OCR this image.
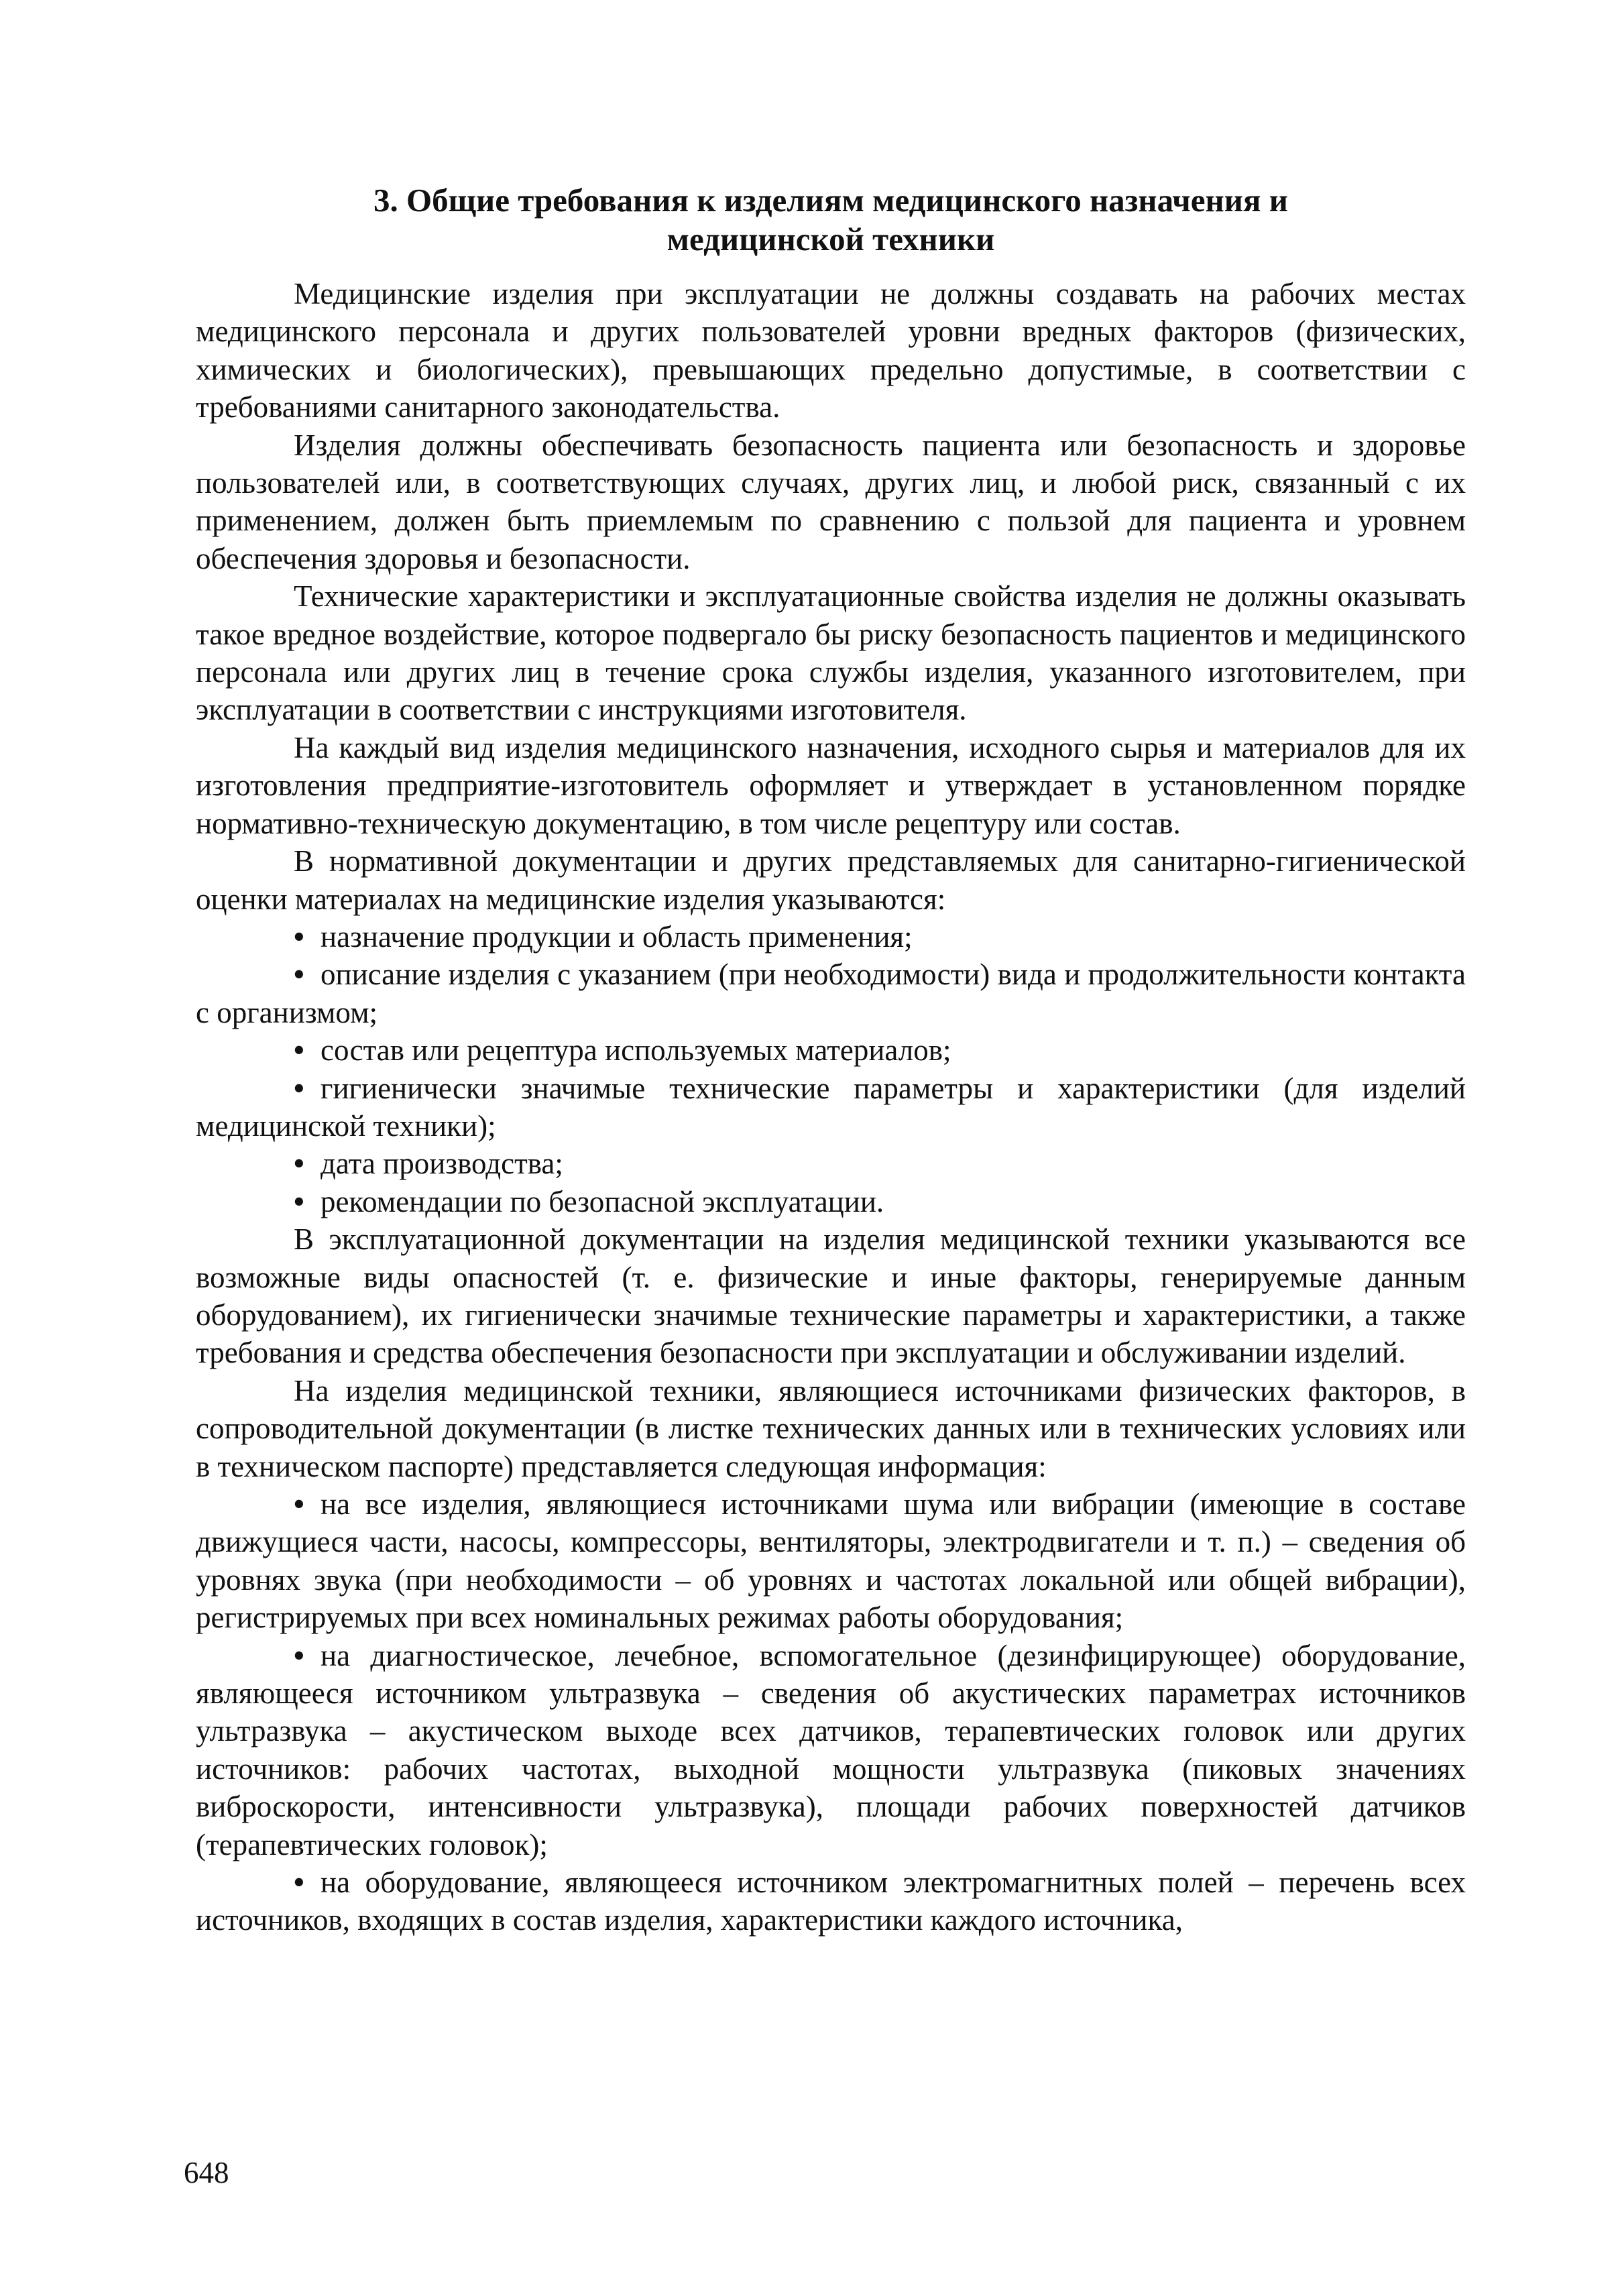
3. Общие требования к изделиям медицинского назначения и
медицинской техники

Медицинские изделия при эксплуатации не должны создавать на рабочих местах медицинского персонала и других пользователей уровни вредных факторов (физических, химических и биологических), превышающих предельно допустимые, в соответствии с требованиями санитарного законодательства.

Изделия должны обеспечивать безопасность пациента или безопасность и здоровье пользователей или, в соответствующих случаях, других лиц, и любой риск, связанный с их применением, должен быть приемлемым по сравнению с пользой для пациента и уровнем обеспечения здоровья и безопасности.

Технические характеристики и эксплуатационные свойства изделия не должны оказывать такое вредное воздействие, которое подвергало бы риску безопасность пациентов и медицинского персонала или других лиц в течение срока службы изделия, указанного изготовителем, при эксплуатации в соответствии с инструкциями изготовителя.

На каждый вид изделия медицинского назначения, исходного сырья и материалов для их изготовления предприятие-изготовитель оформляет и утверждает в установленном порядке нормативно-техническую документацию, в том числе рецептуру или состав.

В нормативной документации и других представляемых для санитарно-гигиенической оценки материалах на медицинские изделия указываются:

• назначение продукции и область применения;

• описание изделия с указанием (при необходимости) вида и продолжительности контакта с организмом;

• состав или рецептура используемых материалов;

• гигиенически значимые технические параметры и характеристики (для изделий медицинской техники);

• дата производства;

• рекомендации по безопасной эксплуатации.

В эксплуатационной документации на изделия медицинской техники указываются все возможные виды опасностей (т. е. физические и иные факторы, генерируемые данным оборудованием), их гигиенически значимые технические параметры и характеристики, а также требования и средства обеспечения безопасности при эксплуатации и обслуживании изделий.

На изделия медицинской техники, являющиеся источниками физических факторов, в сопроводительной документации (в листке технических данных или в технических условиях или в техническом паспорте) представляется следующая информация:

• на все изделия, являющиеся источниками шума или вибрации (имеющие в составе движущиеся части, насосы, компрессоры, вентиляторы, электродвигатели и т. п.) – сведения об уровнях звука (при необходимости – об уровнях и частотах локальной или общей вибрации), регистрируемых при всех номинальных режимах работы оборудования;

• на диагностическое, лечебное, вспомогательное (дезинфицирующее) оборудование, являющееся источником ультразвука – сведения об акустических параметрах источников ультразвука – акустическом выходе всех датчиков, терапевтических головок или других источников: рабочих частотах, выходной мощности ультразвука (пиковых значениях виброскорости, интенсивности ультразвука), площади рабочих поверхностей датчиков (терапевтических головок);

• на оборудование, являющееся источником электромагнитных полей – перечень всех источников, входящих в состав изделия, характеристики каждого источника,

648
